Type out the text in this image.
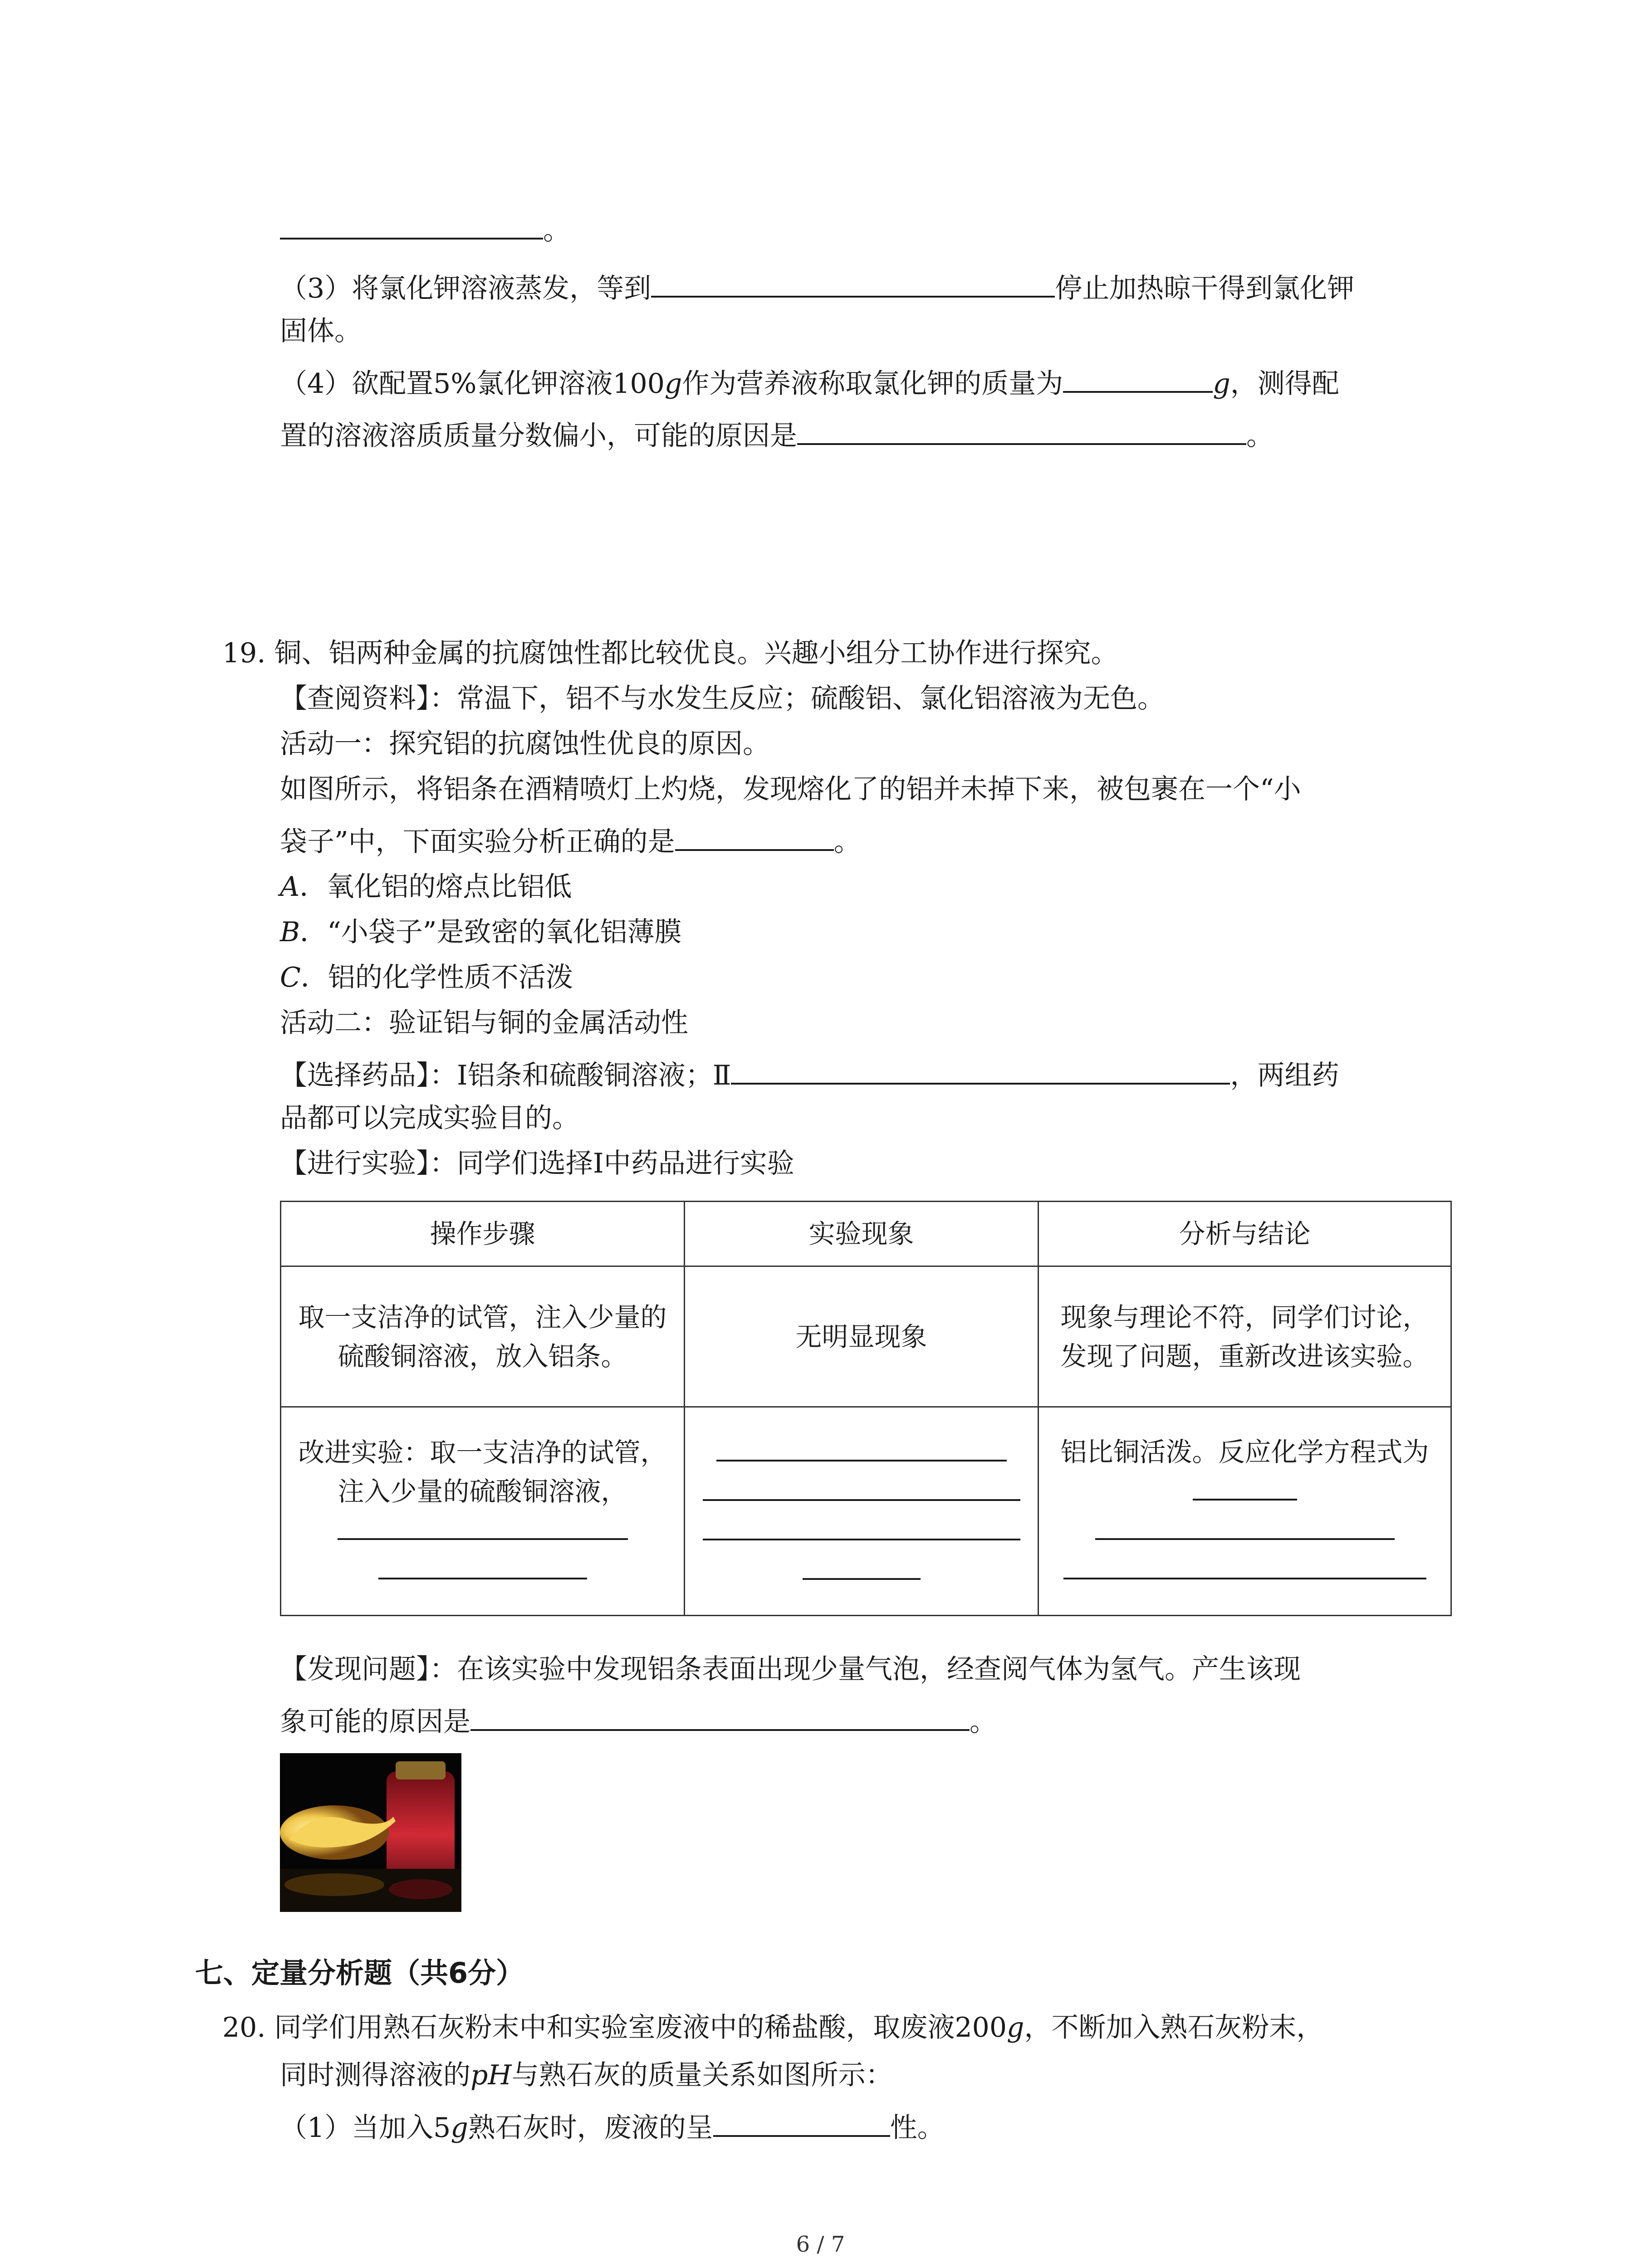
。
（3）将氯化钾溶液蒸发，等到	停止加热晾干得到氯化钾
固体。
（4）欲配置5%氯化钾溶液100g作为营养液称取氯化钾的质量为	g，测得配
置的溶液溶质质量分数偏小，可能的原因是	。
19. 铜、铝两种金属的抗腐蚀性都比较优良。兴趣小组分工协作进行探究。
【查阅资料】：常温下，铝不与水发生反应；硫酸铝、氯化铝溶液为无色。
活动一：探究铝的抗腐蚀性优良的原因。
如图所示，将铝条在酒精喷灯上灼烧，发现熔化了的铝并未掉下来，被包裹在一个“小
袋子”中，下面实验分析正确的是	。
A．氧化铝的熔点比铝低
B．“小袋子”是致密的氧化铝薄膜
C．铝的化学性质不活泼
活动二：验证铝与铜的金属活动性
【选择药品】：Ⅰ铝条和硫酸铜溶液；Ⅱ	，两组药
品都可以完成实验目的。
【进行实验】：同学们选择Ⅰ中药品进行实验
操作步骤	实验现象	分析与结论
取一支洁净的试管，注入少量的硫酸铜溶液，放入铝条。	无明显现象	现象与理论不符，同学们讨论，发现了问题，重新改进该实验。
改进实验：取一支洁净的试管，注入少量的硫酸铜溶液，		铝比铜活泼。反应化学方程式为

【发现问题】：在该实验中发现铝条表面出现少量气泡，经查阅气体为氢气。产生该现
象可能的原因是	。
七、定量分析题（共6分）
20. 同学们用熟石灰粉末中和实验室废液中的稀盐酸，取废液200g，不断加入熟石灰粉末，
同时测得溶液的pH与熟石灰的质量关系如图所示：
（1）当加入5g熟石灰时，废液的呈	性。
6 / 7
